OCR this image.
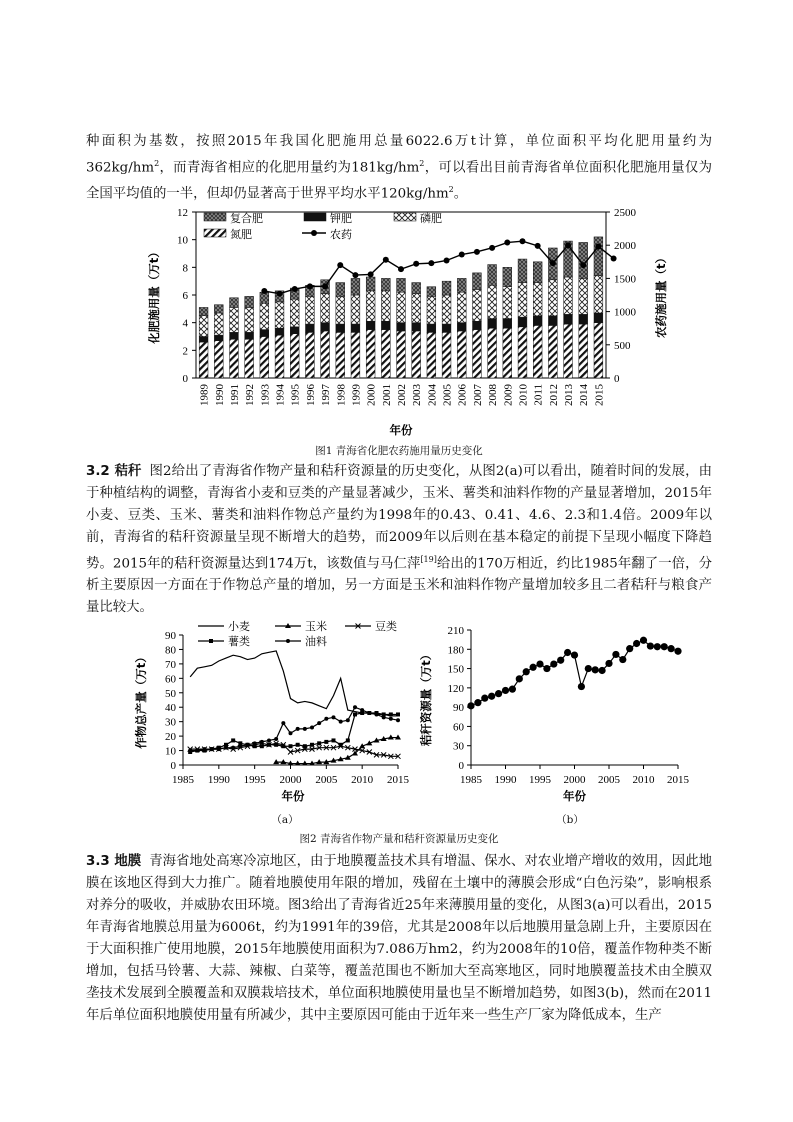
种面积为基数，按照2015年我国化肥施用总量6022.6万t计算，单位面积平均化肥用量约为$362kg/hm^2$，而青海省相应的化肥用量约为$181kg/hm^2$，可以看出目前青海省单位面积化肥施用量仅为全国平均值的一半，但却仍显著高于世界平均水平$120kg/hm^2$。

0
2
4
6
8
10
12
0
500
1000
1500
2000
2500
1989 1990 1991 1992 1993 1994 1995 1996 1997 1998 1999 2000 2001 2002 2003 2004 2005 2006 2007 2008 2009 2010 2011 2012 2013 2014 2015
化肥施用量（万t）	农药施用量（t）
年份
复合肥	钾肥	磷肥
氮肥	农药
图1 青海省化肥农药施用量历史变化

3.2 秸秆 图2给出了青海省作物产量和秸秆资源量的历史变化，从图2(a)可以看出，随着时间的发展，由于种植结构的调整，青海省小麦和豆类的产量显著减少，玉米、薯类和油料作物的产量显著增加，2015年小麦、豆类、玉米、薯类和油料作物总产量约为1998年的0.43、0.41、4.6、2.3和1.4倍。2009年以前，青海省的秸秆资源量呈现不断增大的趋势，而2009年以后则在基本稳定的前提下呈现小幅度下降趋势。2015年的秸秆资源量达到174万t，该数值与马仁萍[19]给出的170万相近，约比1985年翻了一倍，分析主要原因一方面在于作物总产量的增加，另一方面是玉米和油料作物产量增加较多且二者秸秆与粮食产量比较大。

0
10
20
30
40
50
60
70
80
90
1985 1990 1995 2000 2005 2010 2015
作物总产量（万t）
年份
小麦	玉米	豆类
薯类	油料
0
30
60
90
120
150
180
210
1985 1990 1995 2000 2005 2010 2015
秸秆资源量（万t）
年份
（a）	（b）
图2 青海省作物产量和秸秆资源量历史变化

3.3 地膜 青海省地处高寒冷凉地区，由于地膜覆盖技术具有增温、保水、对农业增产增收的效用，因此地膜在该地区得到大力推广。随着地膜使用年限的增加，残留在土壤中的薄膜会形成“白色污染”，影响根系对养分的吸收，并威胁农田环境。图3给出了青海省近25年来薄膜用量的变化，从图3(a)可以看出，2015年青海省地膜总用量为6006t，约为1991年的39倍，尤其是2008年以后地膜用量急剧上升，主要原因在于大面积推广使用地膜，2015年地膜使用面积为7.086万hm2，约为2008年的10倍，覆盖作物种类不断增加，包括马铃薯、大蒜、辣椒、白菜等，覆盖范围也不断加大至高寒地区，同时地膜覆盖技术由全膜双垄技术发展到全膜覆盖和双膜栽培技术，单位面积地膜使用量也呈不断增加趋势，如图3(b)，然而在2011年后单位面积地膜使用量有所减少，其中主要原因可能由于近年来一些生产厂家为降低成本，生产
